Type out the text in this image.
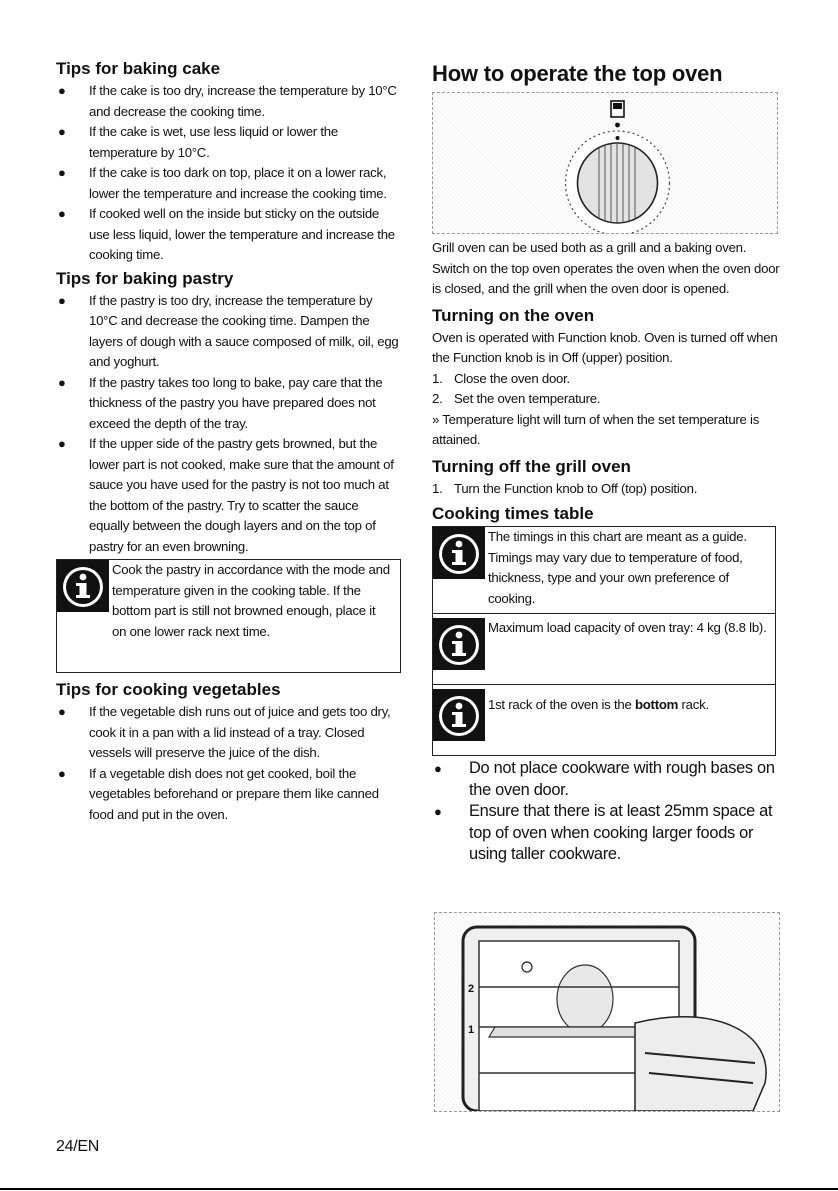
Tips for baking cake
● If the cake is too dry, increase the temperature by 10°C and decrease the cooking time.
● If the cake is wet, use less liquid or lower the temperature by 10°C.
● If the cake is too dark on top, place it on a lower rack, lower the temperature and increase the cooking time.
● If cooked well on the inside but sticky on the outside use less liquid, lower the temperature and increase the cooking time.
Tips for baking pastry
● If the pastry is too dry, increase the temperature by 10°C and decrease the cooking time. Dampen the layers of dough with a sauce composed of milk, oil, egg and yoghurt.
● If the pastry takes too long to bake, pay care that the thickness of the pastry you have prepared does not exceed the depth of the tray.
● If the upper side of the pastry gets browned, but the lower part is not cooked, make sure that the amount of sauce you have used for the pastry is not too much at the bottom of the pastry. Try to scatter the sauce equally between the dough layers and on the top of pastry for an even browning.
Cook the pastry in accordance with the mode and temperature given in the cooking table. If the bottom part is still not browned enough, place it on one lower rack next time.
Tips for cooking vegetables
● If the vegetable dish runs out of juice and gets too dry, cook it in a pan with a lid instead of a tray. Closed vessels will preserve the juice of the dish.
● If a vegetable dish does not get cooked, boil the vegetables beforehand or prepare them like canned food and put in the oven.
How to operate the top oven

Grill oven can be used both as a grill and a baking oven. Switch on the top oven operates the oven when the oven door is closed, and the grill when the oven door is opened.

Turning on the oven

Oven is operated with Function knob. Oven is turned off when the Function knob is in Off (upper) position.

1. Close the oven door.
2. Set the oven temperature.

» Temperature light will turn of when the set temperature is attained.

Turning off the grill oven
1. Turn the Function knob to Off (top) position.
Cooking times table
The timings in this chart are meant as a guide. Timings may vary due to temperature of food, thickness, type and your own preference of cooking.
Maximum load capacity of oven tray: 4 kg (8.8 lb).
1st rack of the oven is the bottom rack.
● Do not place cookware with rough bases on the oven door.
● Ensure that there is at least 25mm space at top of oven when cooking larger foods or using taller cookware.
2
1
24/EN
